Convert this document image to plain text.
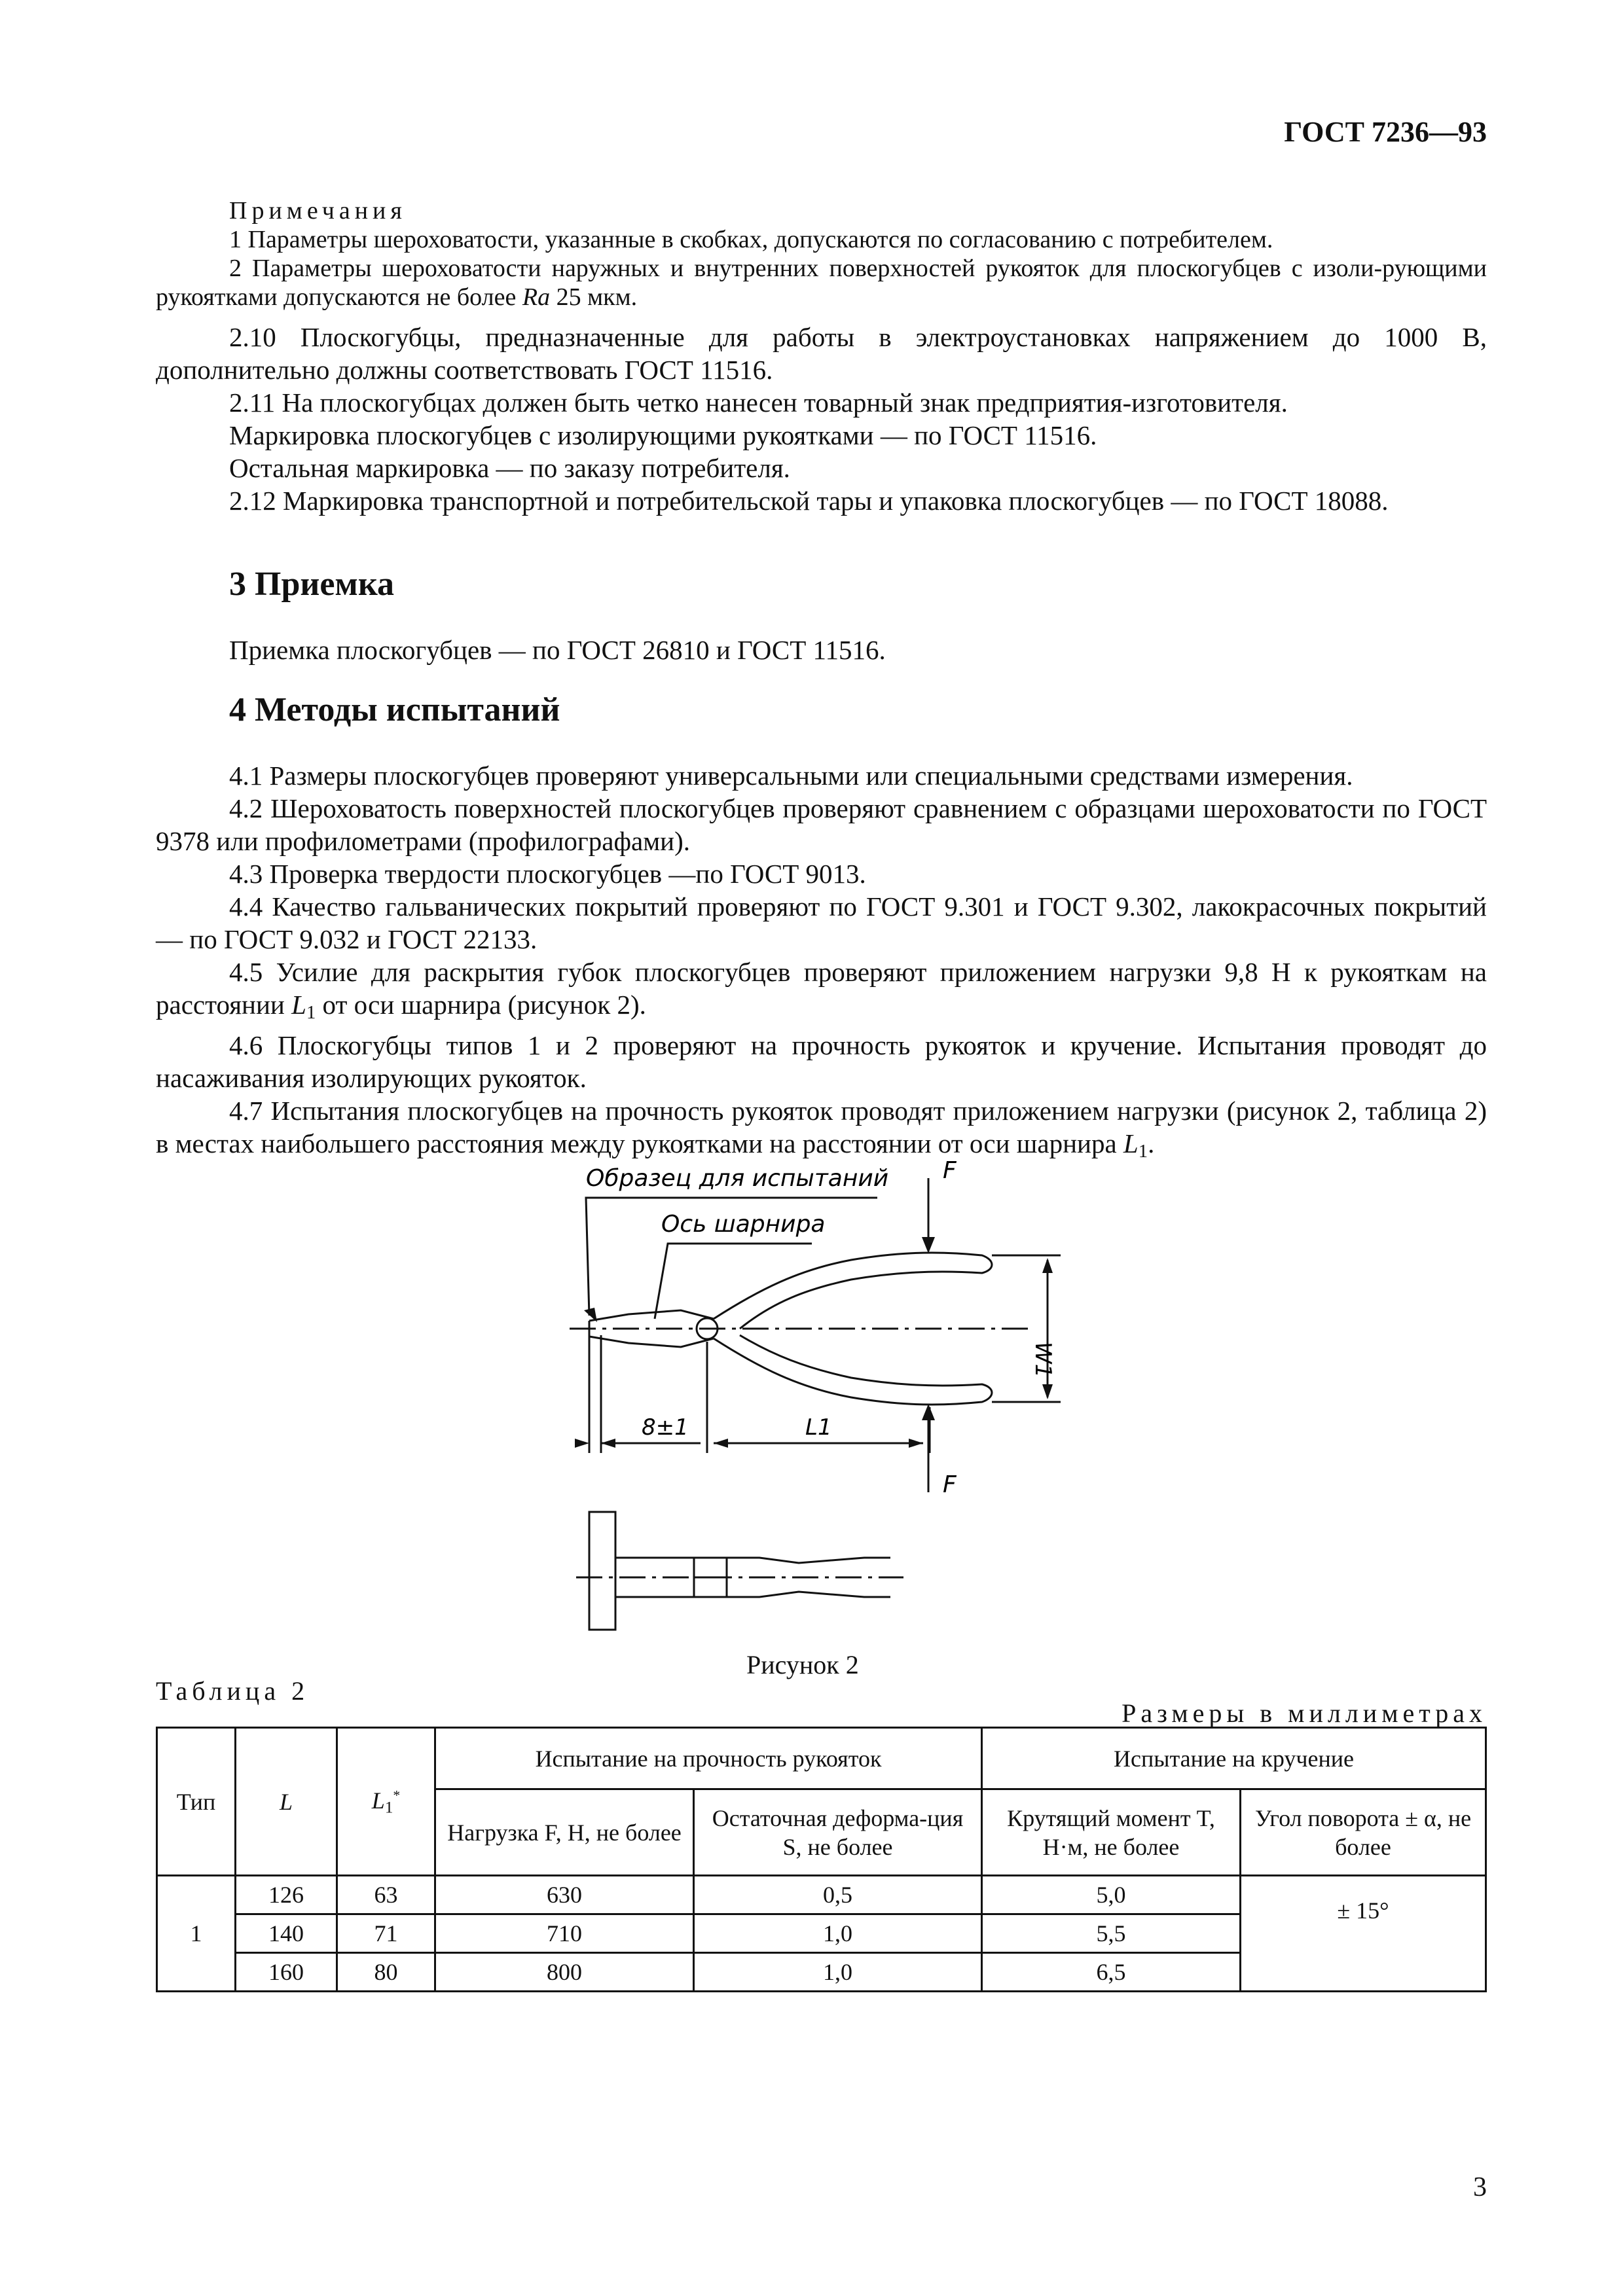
ГОСТ 7236—93

Примечания

1 Параметры шероховатости, указанные в скобках, допускаются по согласованию с потребителем.

2 Параметры шероховатости наружных и внутренних поверхностей рукояток для плоскогубцев с изоли-рующими рукоятками допускаются не более Ra 25 мкм.

2.10 Плоскогубцы, предназначенные для работы в электроустановках напряжением до 1000 В, дополнительно должны соответствовать ГОСТ 11516.

2.11 На плоскогубцах должен быть четко нанесен товарный знак предприятия-изготовителя.

Маркировка плоскогубцев с изолирующими рукоятками — по ГОСТ 11516.

Остальная маркировка — по заказу потребителя.

2.12 Маркировка транспортной и потребительской тары и упаковка плоскогубцев — по ГОСТ 18088.

3 Приемка

Приемка плоскогубцев — по ГОСТ 26810 и ГОСТ 11516.

4 Методы испытаний

4.1 Размеры плоскогубцев проверяют универсальными или специальными средствами измерения.

4.2 Шероховатость поверхностей плоскогубцев проверяют сравнением с образцами шероховатости по ГОСТ 9378 или профилометрами (профилографами).

4.3 Проверка твердости плоскогубцев —по ГОСТ 9013.

4.4 Качество гальванических покрытий проверяют по ГОСТ 9.301 и ГОСТ 9.302, лакокрасочных покрытий — по ГОСТ 9.032 и ГОСТ 22133.

4.5 Усилие для раскрытия губок плоскогубцев проверяют приложением нагрузки 9,8 Н к рукояткам на расстоянии $L_1$ от оси шарнира (рисунок 2).

4.6 Плоскогубцы типов 1 и 2 проверяют на прочность рукояток и кручение. Испытания проводят до насаживания изолирующих рукояток.

4.7 Испытания плоскогубцев на прочность рукояток проводят приложением нагрузки (рисунок 2, таблица 2) в местах наибольшего расстояния между рукоятками на расстоянии от оси шарнира $L_1$.

Образец для испытаний
Ось шарнира
F
F
8±1	L1
W1
Рисунок 2
Таблица 2
Размеры в миллиметрах
Тип	L	$L_1^*$	Испытание на прочность рукояток		Испытание на кручение	
			Нагрузка F, Н, не более	Остаточная деформа-ция S, не более	Крутящий момент T, Н·м, не более	Угол поворота ± α, не более
1	126	63	630	0,5	5,0	± 15°
	140	71	710	1,0	5,5	
	160	80	800	1,0	6,5	
3
